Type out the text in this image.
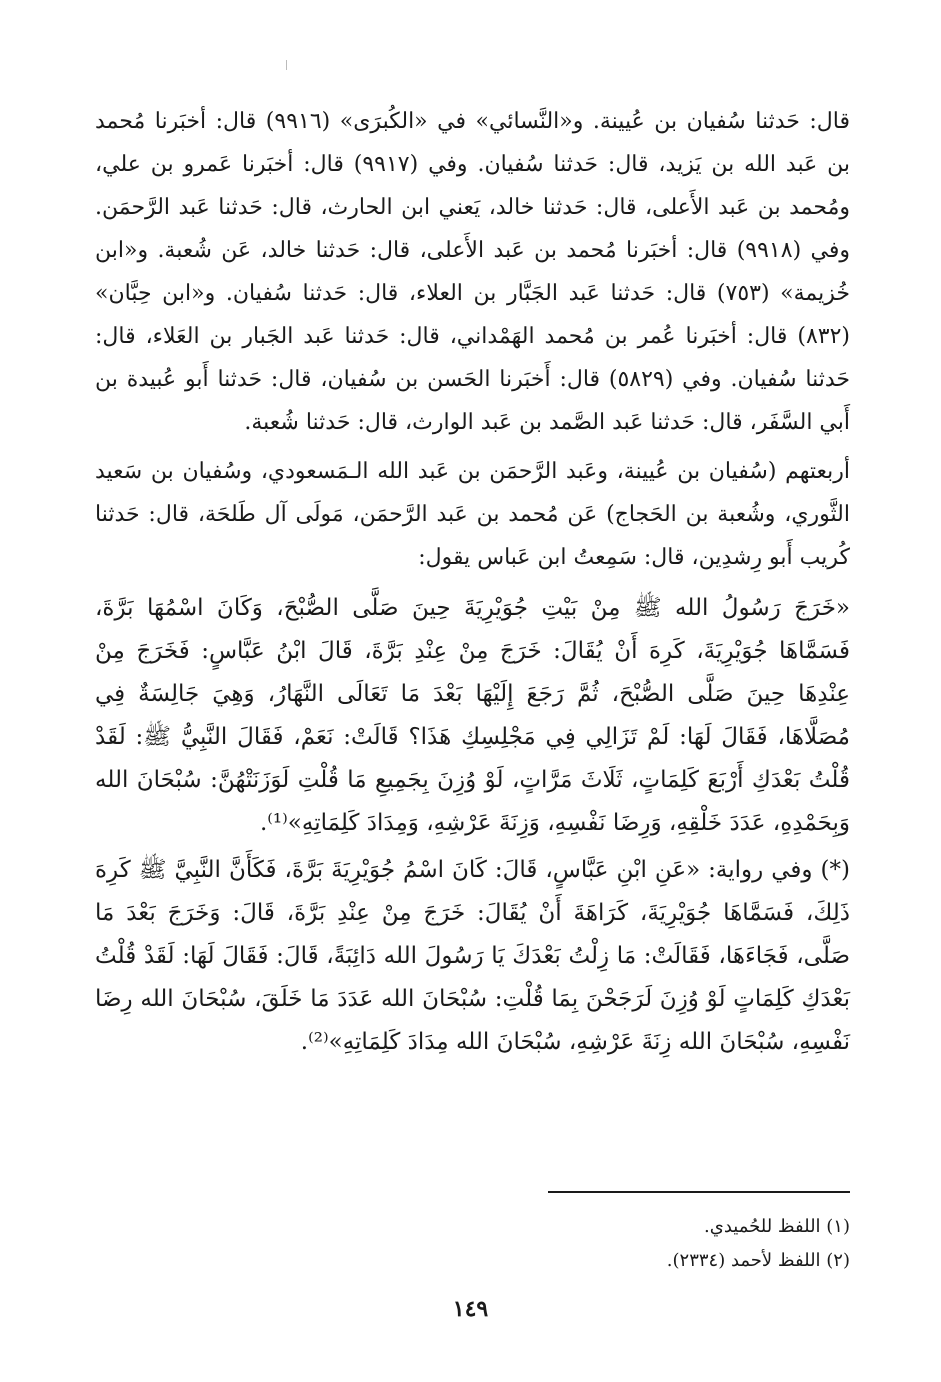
قال: حَدثنا سُفيان بن عُيينة. و«النَّسائي» في «الكُبرَى» (٩٩١٦) قال: أخبَرنا مُحمد بن عَبد الله بن يَزيد، قال: حَدثنا سُفيان. وفي (٩٩١٧) قال: أخبَرنا عَمرو بن علي، ومُحمد بن عَبد الأَعلى، قال: حَدثنا خالد، يَعني ابن الحارث، قال: حَدثنا عَبد الرَّحمَن. وفي (٩٩١٨) قال: أخبَرنا مُحمد بن عَبد الأَعلى، قال: حَدثنا خالد، عَن شُعبة. و«ابن خُزيمة» (٧٥٣) قال: حَدثنا عَبد الجَبَّار بن العلاء، قال: حَدثنا سُفيان. و«ابن حِبَّان» (٨٣٢) قال: أخبَرنا عُمر بن مُحمد الهَمْداني، قال: حَدثنا عَبد الجَبار بن العَلاء، قال: حَدثنا سُفيان. وفي (٥٨٢٩) قال: أَخبَرنا الحَسن بن سُفيان، قال: حَدثنا أَبو عُبيدة بن أَبي السَّفَر، قال: حَدثنا عَبد الصَّمد بن عَبد الوارث، قال: حَدثنا شُعبة.

أربعتهم (سُفيان بن عُيينة، وعَبد الرَّحمَن بن عَبد الله الـمَسعودي، وسُفيان بن سَعيد الثَّوري، وشُعبة بن الحَجاج) عَن مُحمد بن عَبد الرَّحمَن، مَولَى آل طَلحَة، قال: حَدثنا كُريب أَبو رِشدِين، قال: سَمِعتُ ابن عَباس يقول:

«خَرَجَ رَسُولُ الله ﷺ مِنْ بَيْتِ جُوَيْرِيَةَ حِينَ صَلَّى الصُّبْحَ، وَكَانَ اسْمُهَا بَرَّةَ، فَسَمَّاهَا جُوَيْرِيَةَ، كَرِهَ أَنْ يُقَالَ: خَرَجَ مِنْ عِنْدِ بَرَّةَ، قَالَ ابْنُ عَبَّاسٍ: فَخَرَجَ مِنْ عِنْدِهَا حِينَ صَلَّى الصُّبْحَ، ثُمَّ رَجَعَ إِلَيْهَا بَعْدَ مَا تَعَالَى النَّهَارُ، وَهِيَ جَالِسَةٌ فِي مُصَلَّاهَا، فَقَالَ لَهَا: لَمْ تَزَالِي فِي مَجْلِسِكِ هَذَا؟ قَالَتْ: نَعَمْ، فَقَالَ النَّبِيُّ ﷺ: لَقَدْ قُلْتُ بَعْدَكِ أَرْبَعَ كَلِمَاتٍ، ثَلَاثَ مَرَّاتٍ، لَوْ وُزِنَ بِجَمِيعِ مَا قُلْتِ لَوَزَنَتْهُنَّ: سُبْحَانَ الله وَبِحَمْدِهِ، عَدَدَ خَلْقِهِ، وَرِضَا نَفْسِهِ، وَزِنَةَ عَرْشِهِ، وَمِدَادَ كَلِمَاتِهِ»⁽¹⁾.

(*) وفي رواية: «عَنِ ابْنِ عَبَّاسٍ، قَالَ: كَانَ اسْمُ جُوَيْرِيَةَ بَرَّةَ، فَكَأَنَّ النَّبِيَّ ﷺ كَرِهَ ذَلِكَ، فَسَمَّاهَا جُوَيْرِيَةَ، كَرَاهَةَ أَنْ يُقَالَ: خَرَجَ مِنْ عِنْدِ بَرَّةَ، قَالَ: وَخَرَجَ بَعْدَ مَا صَلَّى، فَجَاءَهَا، فَقَالَتْ: مَا زِلْتُ بَعْدَكَ يَا رَسُولَ الله دَائِبَةً، قَالَ: فَقَالَ لَهَا: لَقَدْ قُلْتُ بَعْدَكِ كَلِمَاتٍ لَوْ وُزِنَ لَرَجَحْنَ بِمَا قُلْتِ: سُبْحَانَ الله عَدَدَ مَا خَلَقَ، سُبْحَانَ الله رِضَا نَفْسِهِ، سُبْحَانَ الله زِنَةَ عَرْشِهِ، سُبْحَانَ الله مِدَادَ كَلِمَاتِهِ»⁽²⁾.

(١) اللفظ للحُميدي.
(٢) اللفظ لأحمد (٢٣٣٤).
١٤٩
